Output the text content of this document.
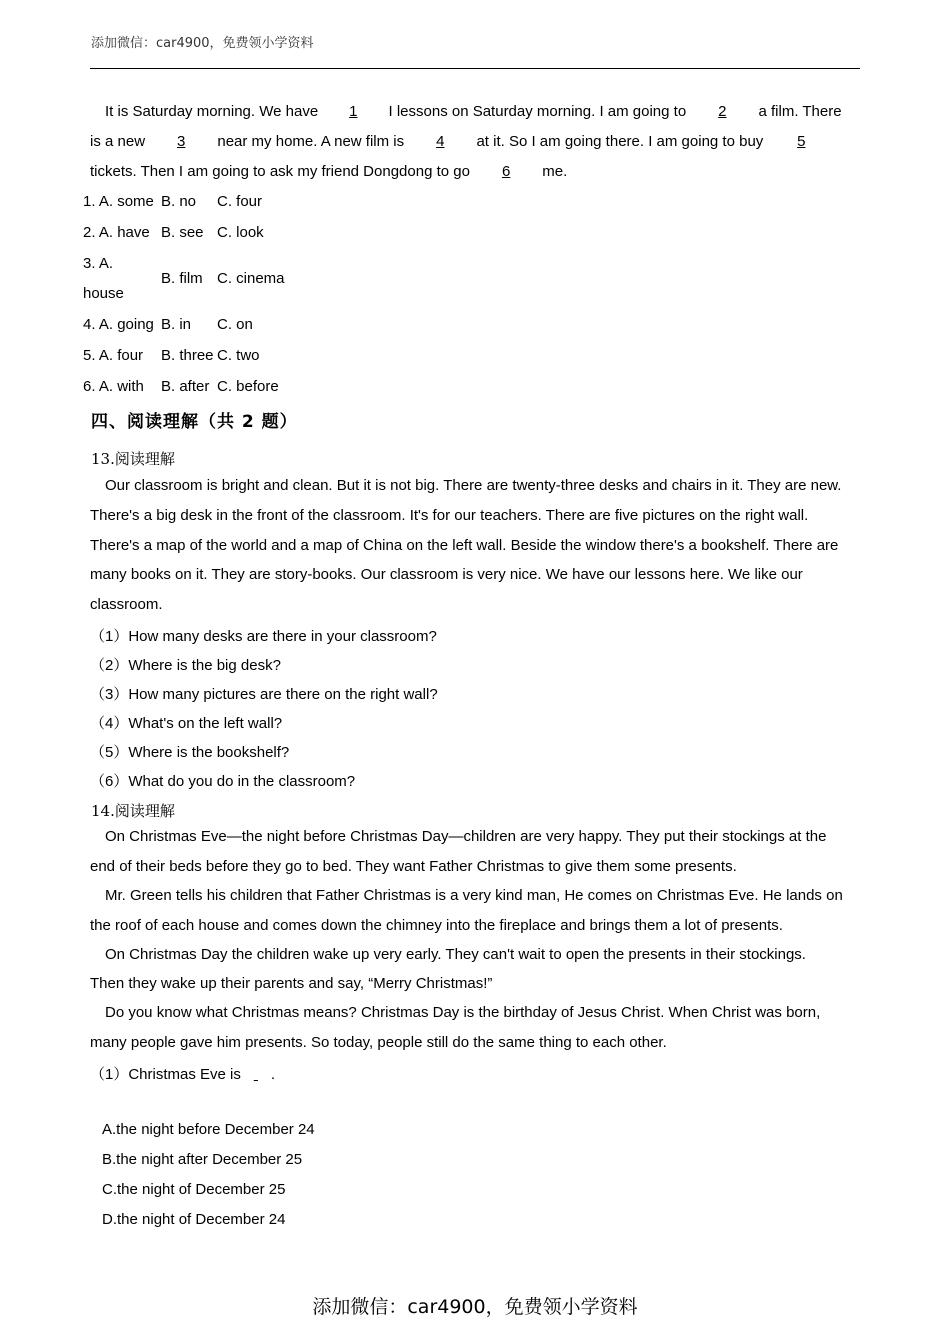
添加微信：car4900，免费领小学资料
It is Saturday morning. We have 1 I lessons on Saturday morning. I am going to 2 a film. There
is a new 3 near my home. A new film is 4 at it. So I am going there. I am going to buy 5
tickets. Then I am going to ask my friend Dongdong to go 6 me.
1. A. some B. no C. four
2. A. have B. see C. look
3. A.
house
B. film C. cinema
4. A. going B. in C. on
5. A. four B. three C. two
6. A. with B. after C. before
四、阅读理解（共 2 题）
13.阅读理解
Our classroom is bright and clean. But it is not big. There are twenty-three desks and chairs in it. They are new.
There's a big desk in the front of the classroom. It's for our teachers. There are five pictures on the right wall.
There's a map of the world and a map of China on the left wall. Beside the window there's a bookshelf. There are
many books on it. They are story-books. Our classroom is very nice. We have our lessons here. We like our
classroom.
（1）How many desks are there in your classroom?
（2）Where is the big desk?
（3）How many pictures are there on the right wall?
（4）What's on the left wall?
（5）Where is the bookshelf?
（6）What do you do in the classroom?
14.阅读理解
On Christmas Eve—the night before Christmas Day—children are very happy. They put their stockings at the
end of their beds before they go to bed. They want Father Christmas to give them some presents.
Mr. Green tells his children that Father Christmas is a very kind man, He comes on Christmas Eve. He lands on
the roof of each house and comes down the chimney into the fireplace and brings them a lot of presents.
On Christmas Day the children wake up very early. They can't wait to open the presents in their stockings.
Then they wake up their parents and say, “Merry Christmas!”
Do you know what Christmas means? Christmas Day is the birthday of Jesus Christ. When Christ was born,
many people gave him presents. So today, people still do the same thing to each other.
（1）Christmas Eve is .
A.the night before December 24
B.the night after December 25
C.the night of December 25
D.the night of December 24
添加微信：car4900，免费领小学资料
